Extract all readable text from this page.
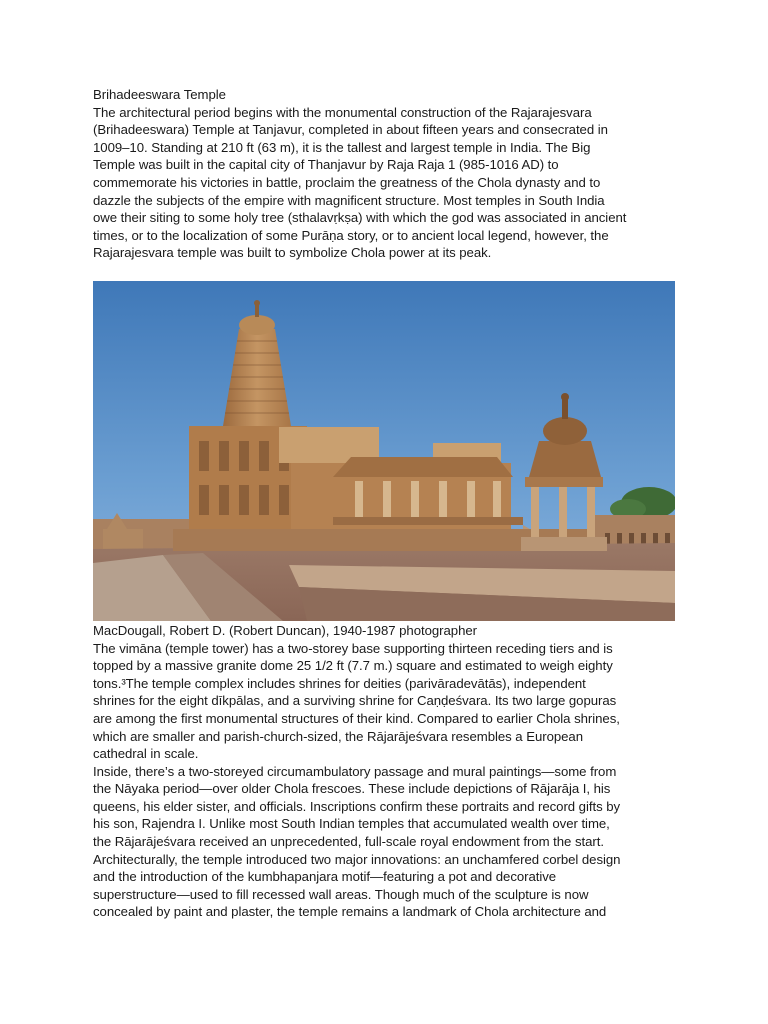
Brihadeeswara Temple
The architectural period begins with the monumental construction of the Rajarajesvara
(Brihadeeswara) Temple at Tanjavur, completed in about fifteen years and consecrated in
1009–10. Standing at 210 ft (63 m), it is the tallest and largest temple in India. The Big
Temple was built in the capital city of Thanjavur by Raja Raja 1 (985-1016 AD) to
commemorate his victories in battle, proclaim the greatness of the Chola dynasty and to
dazzle the subjects of the empire with magnificent structure. Most temples in South India
owe their siting to some holy tree (sthalavṛkṣa) with which the god was associated in ancient
times, or to the localization of some Purāṇa story, or to ancient local legend, however, the
Rajarajesvara temple was built to symbolize Chola power at its peak.
MacDougall, Robert D. (Robert Duncan), 1940-1987 photographer
The vimāna (temple tower) has a two-storey base supporting thirteen receding tiers and is
topped by a massive granite dome 25 1/2 ft (7.7 m.) square and estimated to weigh eighty
tons.³The temple complex includes shrines for deities (parivāradevātās), independent
shrines for the eight dīkpālas, and a surviving shrine for Caṇḍeśvara. Its two large gopuras
are among the first monumental structures of their kind. Compared to earlier Chola shrines,
which are smaller and parish-church-sized, the Rājarājeśvara resembles a European
cathedral in scale.
Inside, there’s a two-storeyed circumambulatory passage and mural paintings—some from
the Nāyaka period—over older Chola frescoes. These include depictions of Rājarāja I, his
queens, his elder sister, and officials. Inscriptions confirm these portraits and record gifts by
his son, Rajendra I. Unlike most South Indian temples that accumulated wealth over time,
the Rājarājeśvara received an unprecedented, full-scale royal endowment from the start.
Architecturally, the temple introduced two major innovations: an unchamfered corbel design
and the introduction of the kumbhapanjara motif—featuring a pot and decorative
superstructure—used to fill recessed wall areas. Though much of the sculpture is now
concealed by paint and plaster, the temple remains a landmark of Chola architecture and
